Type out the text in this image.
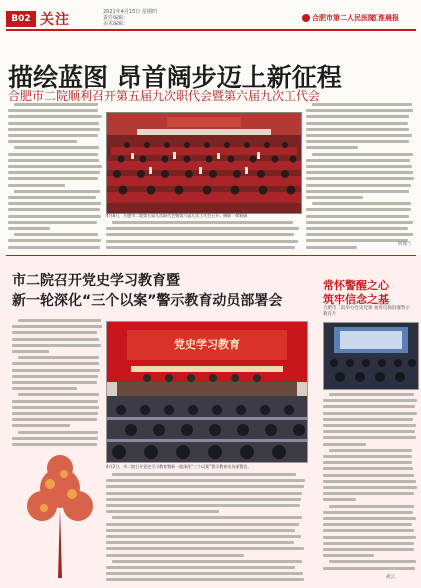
B02 关注	2021年4月15日 星期四
责任编辑：
美术编辑：
合肥市第二人民医院
江淮晨报
描绘蓝图 昂首阔步迈上新征程
合肥市二院顺利召开第五届九次职代会暨第六届九次工代会
4月8日，合肥市二院第五届九次职代会暨第六届九次工代会召开。摄影：徐莉娟
何瑞兰
市二院召开党史学习教育暨
新一轮深化“三个以案”警示教育动员部署会
党史学习教育
4月2日，市二院召开党史学习教育暨新一轮深化“三个以案”警示教育动员部署会。
常怀警醒之心
筑牢信念之基
合肥市二院举办党史党课 观看反腐倡廉警示教育片
胡云
